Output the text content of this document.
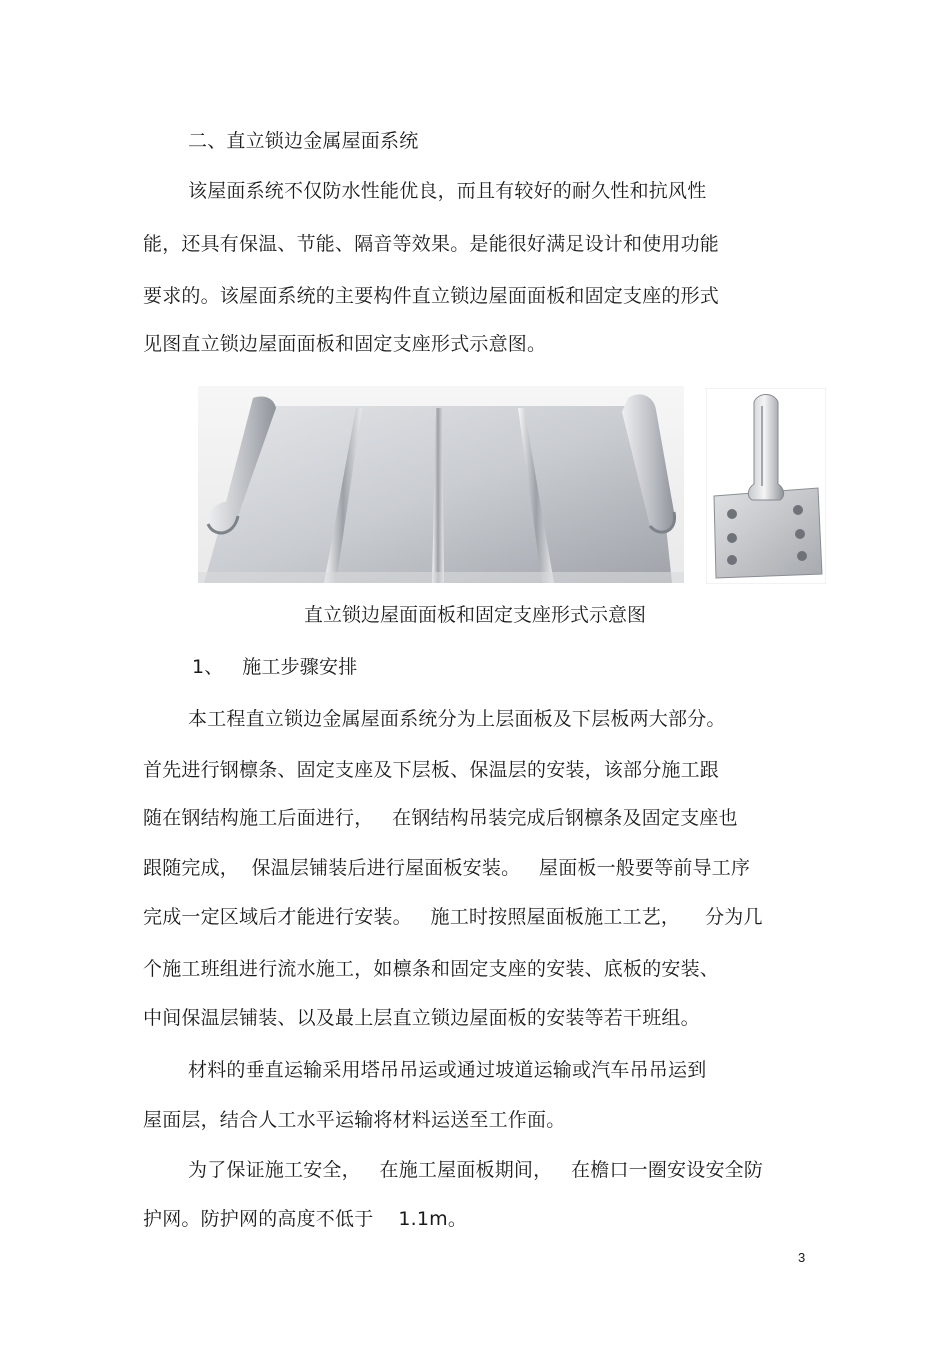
二、直立锁边金属屋面系统
该屋面系统不仅防水性能优良，而且有较好的耐久性和抗风性
能，还具有保温、节能、隔音等效果。是能很好满足设计和使用功能
要求的。该屋面系统的主要构件直立锁边屋面面板和固定支座的形式
见图直立锁边屋面面板和固定支座形式示意图。
直立锁边屋面面板和固定支座形式示意图
1、   施工步骤安排
本工程直立锁边金属屋面系统分为上层面板及下层板两大部分。
首先进行钢檩条、固定支座及下层板、保温层的安装，该部分施工跟
随在钢结构施工后面进行，   在钢结构吊装完成后钢檩条及固定支座也
跟随完成，  保温层铺装后进行屋面板安装。   屋面板一般要等前导工序
完成一定区域后才能进行安装。   施工时按照屋面板施工工艺，    分为几
个施工班组进行流水施工，如檩条和固定支座的安装、底板的安装、
中间保温层铺装、以及最上层直立锁边屋面板的安装等若干班组。
材料的垂直运输采用塔吊吊运或通过坡道运输或汽车吊吊运到
屋面层，结合人工水平运输将材料运送至工作面。
为了保证施工安全，   在施工屋面板期间，   在檐口一圈安设安全防
护网。防护网的高度不低于    1.1m。
3
